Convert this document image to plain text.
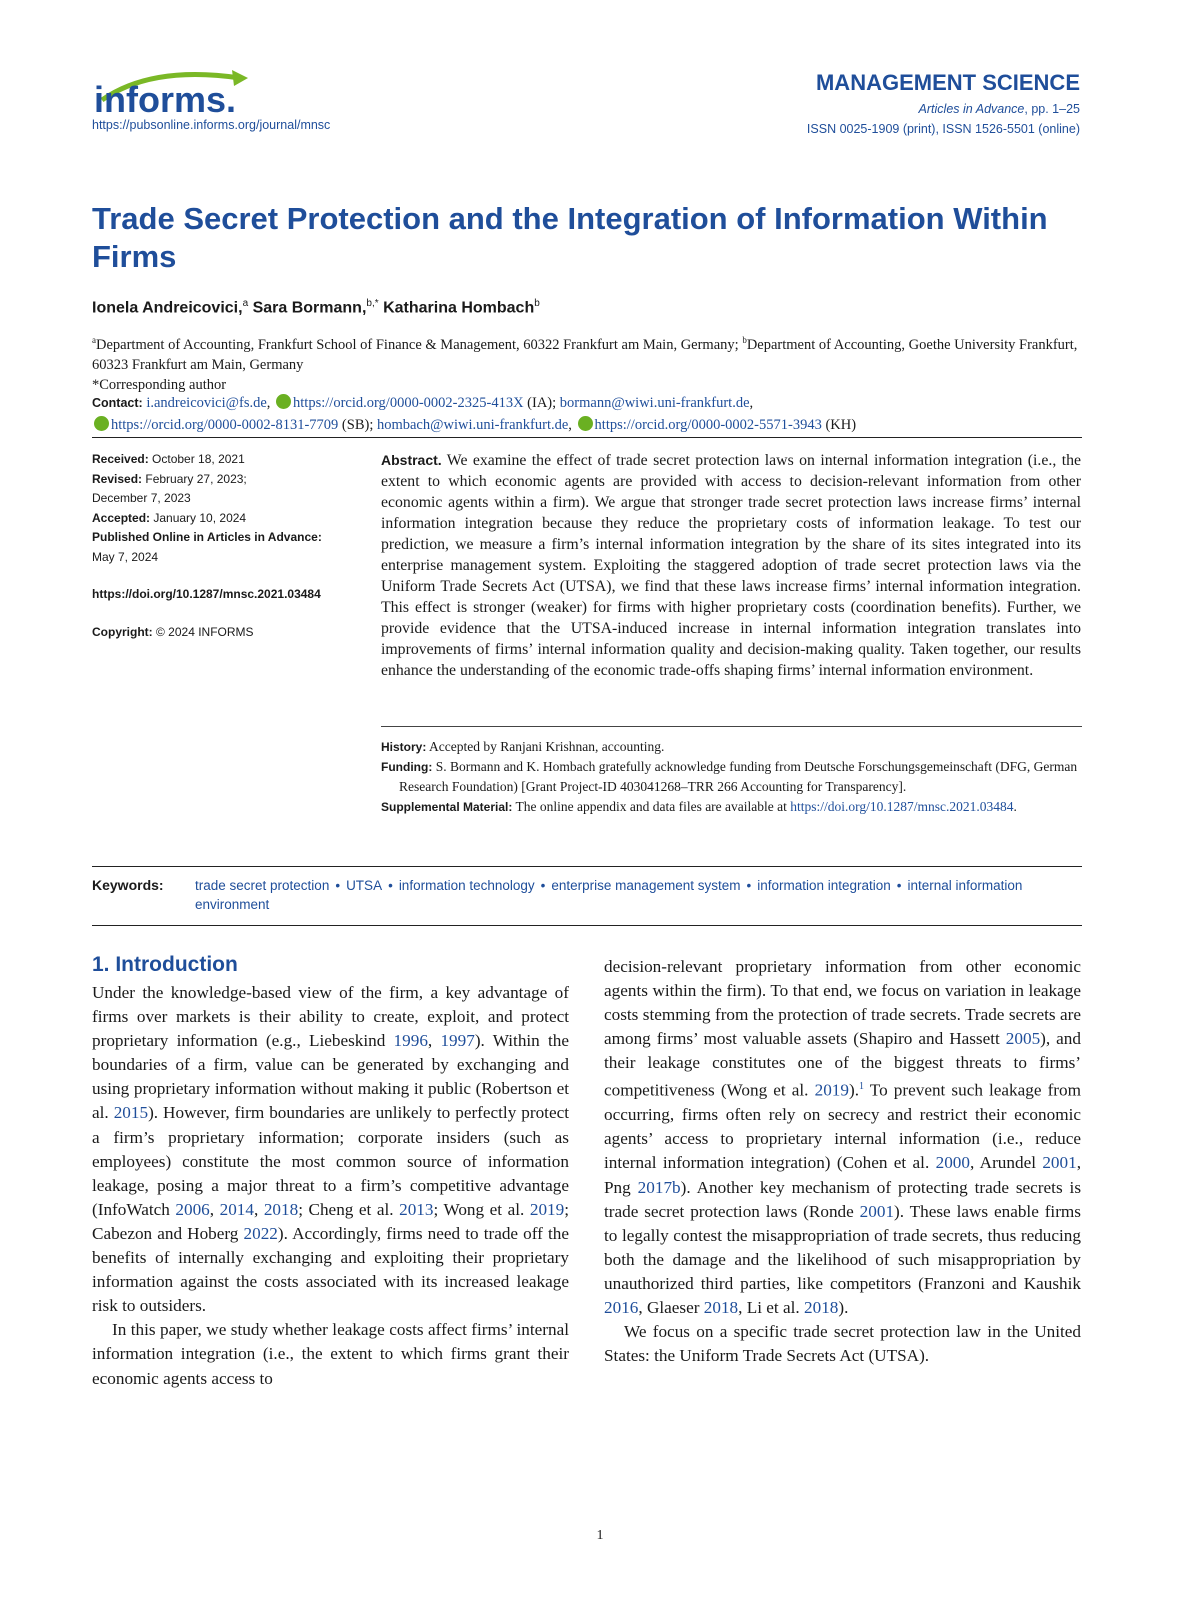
informs.
https://pubsonline.informs.org/journal/mnsc
MANAGEMENT SCIENCE
Articles in Advance, pp. 1–25
ISSN 0025-1909 (print), ISSN 1526-5501 (online)
Trade Secret Protection and the Integration of Information Within Firms
Ionela Andreicovici,$^a$ Sara Bormann,$^{b,*}$ Katharina Hombach$^b$
$^a$Department of Accounting, Frankfurt School of Finance & Management, 60322 Frankfurt am Main, Germany; $^b$Department of Accounting, Goethe University Frankfurt, 60323 Frankfurt am Main, Germany
*Corresponding author
Contact: i.andreicovici@fs.de, https://orcid.org/0000-0002-2325-413X (IA); bormann@wiwi.uni-frankfurt.de,
https://orcid.org/0000-0002-8131-7709 (SB); hombach@wiwi.uni-frankfurt.de, https://orcid.org/0000-0002-5571-3943 (KH)
Received: October 18, 2021
Revised: February 27, 2023;
December 7, 2023
Accepted: January 10, 2024
Published Online in Articles in Advance:
May 7, 2024
https://doi.org/10.1287/mnsc.2021.03484
Copyright: © 2024 INFORMS
Abstract. We examine the effect of trade secret protection laws on internal information integration (i.e., the extent to which economic agents are provided with access to decision-relevant information from other economic agents within a firm). We argue that stronger trade secret protection laws increase firms’ internal information integration because they reduce the proprietary costs of information leakage. To test our prediction, we measure a firm’s internal information integration by the share of its sites integrated into its enterprise management system. Exploiting the staggered adoption of trade secret protection laws via the Uniform Trade Secrets Act (UTSA), we find that these laws increase firms’ internal information integration. This effect is stronger (weaker) for firms with higher proprietary costs (coordination benefits). Further, we provide evidence that the UTSA-induced increase in internal information integration translates into improvements of firms’ internal information quality and decision-making quality. Taken together, our results enhance the understanding of the economic trade-offs shaping firms’ internal information environment.

History: Accepted by Ranjani Krishnan, accounting.

Funding: S. Bormann and K. Hombach gratefully acknowledge funding from Deutsche Forschungsgemeinschaft (DFG, German Research Foundation) [Grant Project-ID 403041268–TRR 266 Accounting for Transparency].

Supplemental Material: The online appendix and data files are available at https://doi.org/10.1287/mnsc.2021.03484.

Keywords: trade secret protection • UTSA • information technology • enterprise management system • information integration • internal information environment
1. Introduction

Under the knowledge-based view of the firm, a key advantage of firms over markets is their ability to create, exploit, and protect proprietary information (e.g., Liebeskind 1996, 1997). Within the boundaries of a firm, value can be generated by exchanging and using proprietary information without making it public (Robertson et al. 2015). However, firm boundaries are unlikely to perfectly protect a firm’s proprietary information; corporate insiders (such as employees) constitute the most common source of information leakage, posing a major threat to a firm’s competitive advantage (InfoWatch 2006, 2014, 2018; Cheng et al. 2013; Wong et al. 2019; Cabezon and Hoberg 2022). Accordingly, firms need to trade off the benefits of internally exchanging and exploiting their proprietary information against the costs associated with its increased leakage risk to outsiders.

In this paper, we study whether leakage costs affect firms’ internal information integration (i.e., the extent to which firms grant their economic agents access to

decision-relevant proprietary information from other economic agents within the firm). To that end, we focus on variation in leakage costs stemming from the protection of trade secrets. Trade secrets are among firms’ most valuable assets (Shapiro and Hassett 2005), and their leakage constitutes one of the biggest threats to firms’ competitiveness (Wong et al. 2019).$^1$ To prevent such leakage from occurring, firms often rely on secrecy and restrict their economic agents’ access to proprietary internal information (i.e., reduce internal information integration) (Cohen et al. 2000, Arundel 2001, Png 2017b). Another key mechanism of protecting trade secrets is trade secret protection laws (Ronde 2001). These laws enable firms to legally contest the misappropriation of trade secrets, thus reducing both the damage and the likelihood of such misappropriation by unauthorized third parties, like competitors (Franzoni and Kaushik 2016, Glaeser 2018, Li et al. 2018).

We focus on a specific trade secret protection law in the United States: the Uniform Trade Secrets Act (UTSA).

1
